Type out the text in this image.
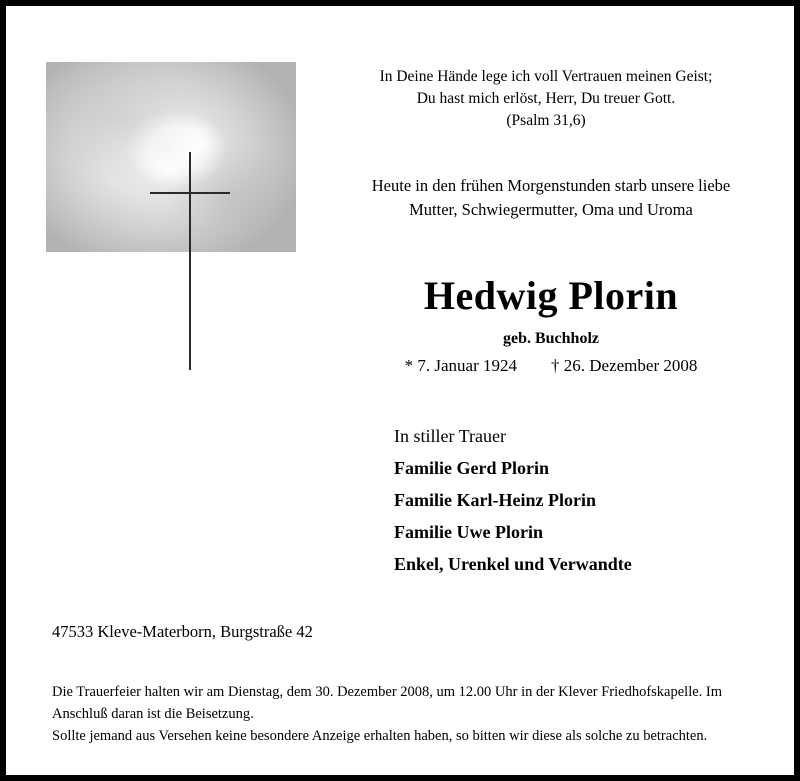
In Deine Hände lege ich voll Vertrauen meinen Geist;
Du hast mich erlöst, Herr, Du treuer Gott.
(Psalm 31,6)
Heute in den frühen Morgenstunden starb unsere liebe
Mutter, Schwiegermutter, Oma und Uroma
Hedwig Plorin
geb. Buchholz
* 7. Januar 1924 † 26. Dezember 2008
In stiller Trauer
Familie Gerd Plorin
Familie Karl-Heinz Plorin
Familie Uwe Plorin
Enkel, Urenkel und Verwandte
47533 Kleve-Materborn, Burgstraße 42
Die Trauerfeier halten wir am Dienstag, dem 30. Dezember 2008, um 12.00 Uhr in der Klever Friedhofskapelle. Im
Anschluß daran ist die Beisetzung.
Sollte jemand aus Versehen keine besondere Anzeige erhalten haben, so bitten wir diese als solche zu betrachten.
